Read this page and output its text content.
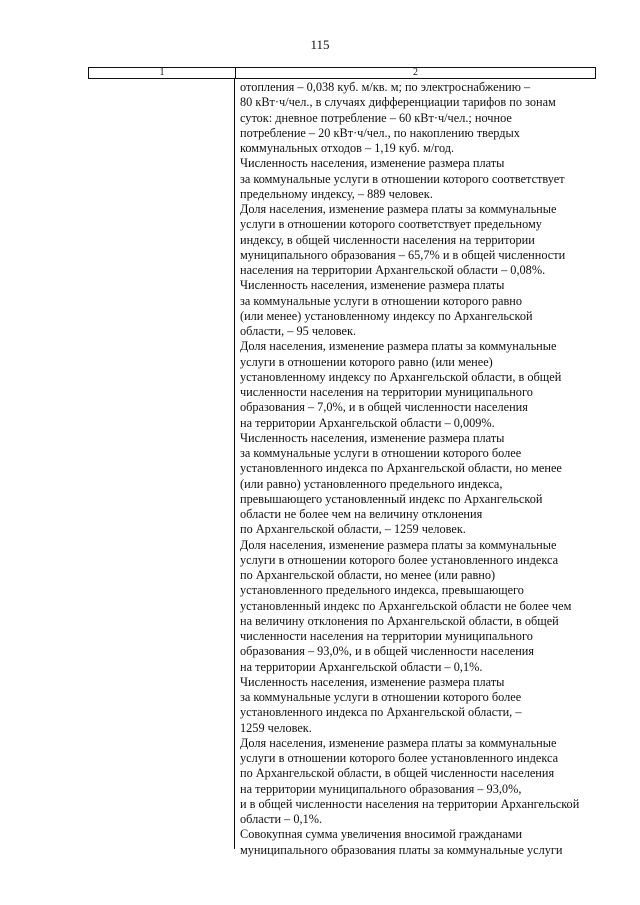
115
1	2
отопления – 0,038 куб. м/кв. м; по электроснабжению –
80 кВт·ч/чел., в случаях дифференциации тарифов по зонам
суток: дневное потребление – 60 кВт·ч/чел.; ночное
потребление – 20 кВт·ч/чел., по накоплению твердых
коммунальных отходов – 1,19 куб. м/год.
Численность населения, изменение размера платы
за коммунальные услуги в отношении которого соответствует
предельному индексу, – 889 человек.
Доля населения, изменение размера платы за коммунальные
услуги в отношении которого соответствует предельному
индексу, в общей численности населения на территории
муниципального образования – 65,7% и в общей численности
населения на территории Архангельской области – 0,08%.
Численность населения, изменение размера платы
за коммунальные услуги в отношении которого равно
(или менее) установленному индексу по Архангельской
области, – 95 человек.
Доля населения, изменение размера платы за коммунальные
услуги в отношении которого равно (или менее)
установленному индексу по Архангельской области, в общей
численности населения на территории муниципального
образования – 7,0%, и в общей численности населения
на территории Архангельской области – 0,009%.
Численность населения, изменение размера платы
за коммунальные услуги в отношении которого более
установленного индекса по Архангельской области, но менее
(или равно) установленного предельного индекса,
превышающего установленный индекс по Архангельской
области не более чем на величину отклонения
по Архангельской области, – 1259 человек.
Доля населения, изменение размера платы за коммунальные
услуги в отношении которого более установленного индекса
по Архангельской области, но менее (или равно)
установленного предельного индекса, превышающего
установленный индекс по Архангельской области не более чем
на величину отклонения по Архангельской области, в общей
численности населения на территории муниципального
образования – 93,0%, и в общей численности населения
на территории Архангельской области – 0,1%.
Численность населения, изменение размера платы
за коммунальные услуги в отношении которого более
установленного индекса по Архангельской области, –
1259 человек.
Доля населения, изменение размера платы за коммунальные
услуги в отношении которого более установленного индекса
по Архангельской области, в общей численности населения
на территории муниципального образования – 93,0%,
и в общей численности населения на территории Архангельской
области – 0,1%.
Совокупная сумма увеличения вносимой гражданами
муниципального образования платы за коммунальные услуги
